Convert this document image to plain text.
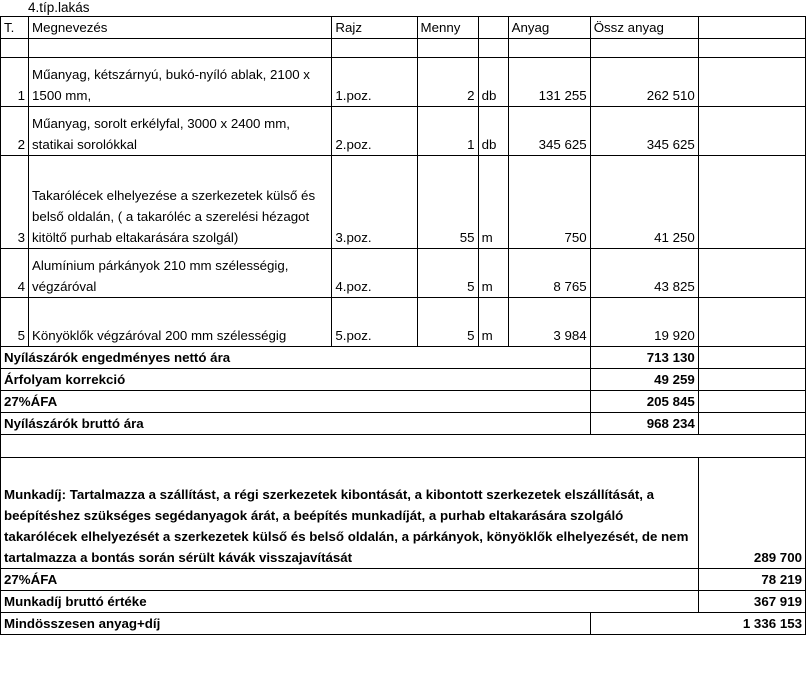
4.típ.lakás
T.	Megnevezés	Rajz	Menny		Anyag	Össz anyag	

1	Műanyag, kétszárnyú, bukó-nyíló ablak, 2100 x 1500 mm,	1.poz.	2	db	131 255	262 510	
2	Műanyag, sorolt erkélyfal, 3000 x 2400 mm, statikai sorolókkal	2.poz.	1	db	345 625	345 625	
3	Takarólécek elhelyezése a szerkezetek külső és belső oldalán, ( a takaróléc a szerelési hézagot kitöltő purhab eltakarására szolgál)	3.poz.	55	m	750	41 250	
4	Alumínium párkányok 210 mm szélességig, végzáróval	4.poz.	5	m	8 765	43 825	
5	Könyöklők végzáróval 200 mm szélességig	5.poz.	5	m	3 984	19 920	
Nyílászárók engedményes nettó ára						713 130	
Árfolyam korrekció						49 259	
27%ÁFA						205 845	
Nyílászárók bruttó ára						968 234	

Munkadíj: Tartalmazza a szállítást, a régi szerkezetek kibontását, a kibontott szerkezetek elszállítását, a beépítéshez szükséges segédanyagok árát, a beépítés munkadíját, a purhab eltakarására szolgáló takarólécek elhelyezését a szerkezetek külső és belső oldalán, a párkányok, könyöklők elhelyezését, de nem tartalmazza a bontás során sérült kávák visszajavítását							289 700
27%ÁFA							78 219
Munkadíj bruttó értéke							367 919
Mindösszesen anyag+díj						1 336 153	
